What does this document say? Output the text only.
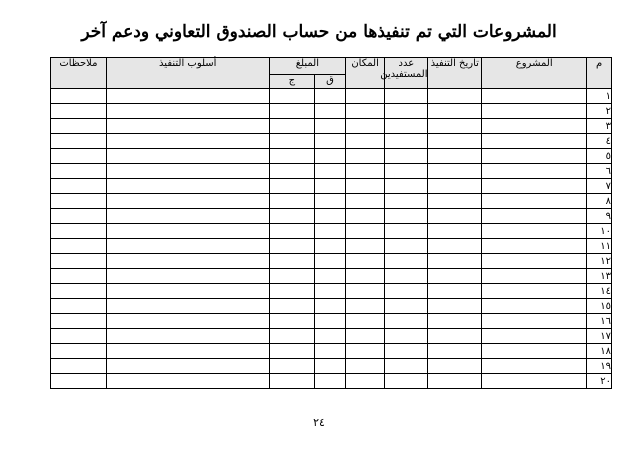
المشروعات التي تم تنفيذها من حساب الصندوق التعاوني ودعم آخر
م	المشروع	تاريخ التنفيذ	عدد
المستفيدين	المكان	المبلغ		أسلوب التنفيذ	ملاحظات
					ق	ج		
١								
٢								
٣								
٤								
٥								
٦								
٧								
٨								
٩								
١٠								
١١								
١٢								
١٣								
١٤								
١٥								
١٦								
١٧								
١٨								
١٩								
٢٠								
٢٤
